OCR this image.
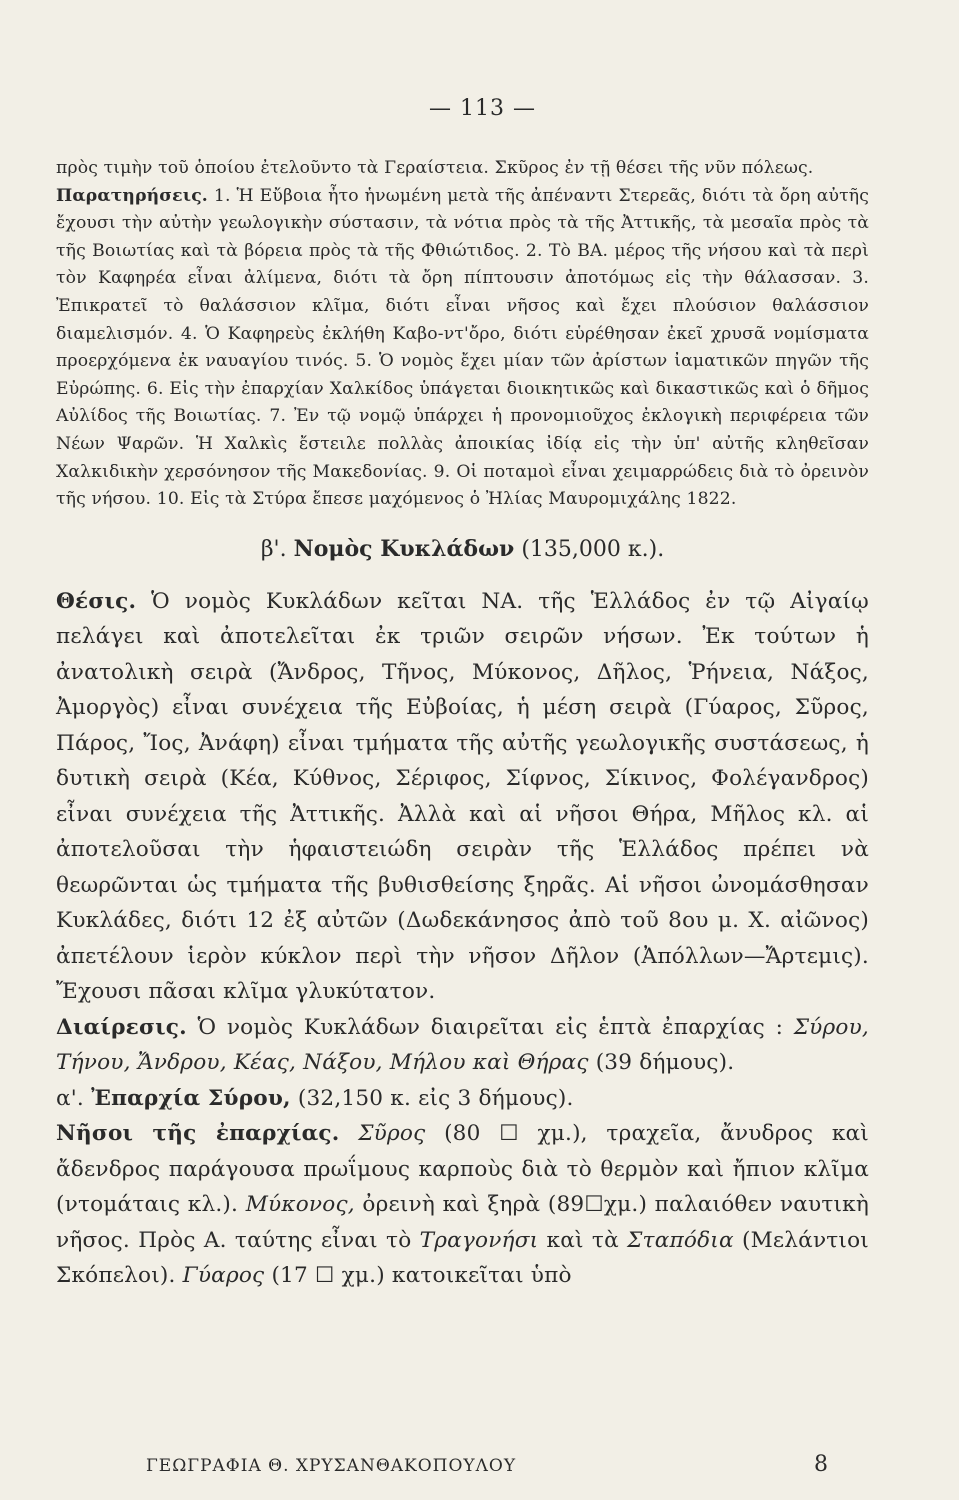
— 113 —

πρὸς τιμὴν τοῦ ὁποίου ἐτελοῦντο τὰ Γεραίστεια. Σκῦρος ἐν τῇ θέσει τῆς νῦν πόλεως.

Παρατηρήσεις. 1. Ἡ Εὔβοια ἦτο ἡνωμένη μετὰ τῆς ἀπέναντι Στερεᾶς, διότι τὰ ὄρη αὐτῆς ἔχουσι τὴν αὐτὴν γεωλογικὴν σύστασιν, τὰ νότια πρὸς τὰ τῆς Ἀττικῆς, τὰ μεσαῖα πρὸς τὰ τῆς Βοιωτίας καὶ τὰ βόρεια πρὸς τὰ τῆς Φθιώτιδος. 2. Τὸ ΒΑ. μέρος τῆς νήσου καὶ τὰ περὶ τὸν Καφηρέα εἶναι ἀλίμενα, διότι τὰ ὄρη πίπτουσιν ἀποτόμως εἰς τὴν θάλασσαν. 3. Ἐπικρατεῖ τὸ θαλάσσιον κλῖμα, διότι εἶναι νῆσος καὶ ἔχει πλούσιον θαλάσσιον διαμελισμόν. 4. Ὁ Καφηρεὺς ἐκλήθη Καβο-ντ'ὄρο, διότι εὑρέθησαν ἐκεῖ χρυσᾶ νομίσματα προερχόμενα ἐκ ναυαγίου τινός. 5. Ὁ νομὸς ἔχει μίαν τῶν ἀρίστων ἰαματικῶν πηγῶν τῆς Εὐρώπης. 6. Εἰς τὴν ἐπαρχίαν Χαλκίδος ὑπάγεται διοικητικῶς καὶ δικαστικῶς καὶ ὁ δῆμος Αὐλίδος τῆς Βοιωτίας. 7. Ἐν τῷ νομῷ ὑπάρχει ἡ προνομιοῦχος ἐκλογικὴ περιφέρεια τῶν Νέων Ψαρῶν. Ἡ Χαλκὶς ἔστειλε πολλὰς ἀποικίας ἰδίᾳ εἰς τὴν ὑπ' αὐτῆς κληθεῖσαν Χαλκιδικὴν χερσόνησον τῆς Μακεδονίας. 9. Οἱ ποταμοὶ εἶναι χειμαρρώδεις διὰ τὸ ὀρεινὸν τῆς νήσου. 10. Εἰς τὰ Στύρα ἔπεσε μαχόμενος ὁ Ἠλίας Μαυρομιχάλης 1822.

β'. Νομὸς Κυκλάδων (135,000 κ.).

Θέσις. Ὁ νομὸς Κυκλάδων κεῖται ΝΑ. τῆς Ἑλλάδος ἐν τῷ Αἰγαίῳ πελάγει καὶ ἀποτελεῖται ἐκ τριῶν σειρῶν νήσων. Ἐκ τούτων ἡ ἀνατολικὴ σειρὰ (Ἄνδρος, Τῆνος, Μύκονος, Δῆλος, Ῥήνεια, Νάξος, Ἀμοργὸς) εἶναι συνέχεια τῆς Εὐβοίας, ἡ μέση σειρὰ (Γύαρος, Σῦρος, Πάρος, Ἴος, Ἀνάφη) εἶναι τμήματα τῆς αὐτῆς γεωλογικῆς συστάσεως, ἡ δυτικὴ σειρὰ (Κέα, Κύθνος, Σέριφος, Σίφνος, Σίκινος, Φολέγανδρος) εἶναι συνέχεια τῆς Ἀττικῆς. Ἀλλὰ καὶ αἱ νῆσοι Θήρα, Μῆλος κλ. αἱ ἀποτελοῦσαι τὴν ἡφαιστειώδη σειρὰν τῆς Ἑλλάδος πρέπει νὰ θεωρῶνται ὡς τμήματα τῆς βυθισθείσης ξηρᾶς. Αἱ νῆσοι ὠνομάσθησαν Κυκλάδες, διότι 12 ἐξ αὐτῶν (Δωδεκάνησος ἀπὸ τοῦ 8ου μ. Χ. αἰῶνος) ἀπετέλουν ἱερὸν κύκλον περὶ τὴν νῆσον Δῆλον (Ἀπόλλων—Ἄρτεμις). Ἔχουσι πᾶσαι κλῖμα γλυκύτατον.

Διαίρεσις. Ὁ νομὸς Κυκλάδων διαιρεῖται εἰς ἑπτὰ ἐπαρχίας : Σύρου, Τήνου, Ἄνδρου, Κέας, Νάξου, Μήλου καὶ Θήρας (39 δήμους).

α'. Ἐπαρχία Σύρου, (32,150 κ. εἰς 3 δήμους).

Νῆσοι τῆς ἐπαρχίας. Σῦρος (80 ☐ χμ.), τραχεῖα, ἄνυδρος καὶ ἄδενδρος παράγουσα πρωΐμους καρποὺς διὰ τὸ θερμὸν καὶ ἤπιον κλῖμα (ντομάταις κλ.). Μύκονος, ὀρεινὴ καὶ ξηρὰ (89☐χμ.) παλαιόθεν ναυτικὴ νῆσος. Πρὸς Α. ταύτης εἶναι τὸ Τραγονήσι καὶ τὰ Σταπόδια (Μελάντιοι Σκόπελοι). Γύαρος (17 ☐ χμ.) κατοικεῖται ὑπὸ

ΓΕΩΓΡΑΦΙΑ Θ. ΧΡΥΣΑΝΘΑΚΟΠΟΥΛΟΥ	8
